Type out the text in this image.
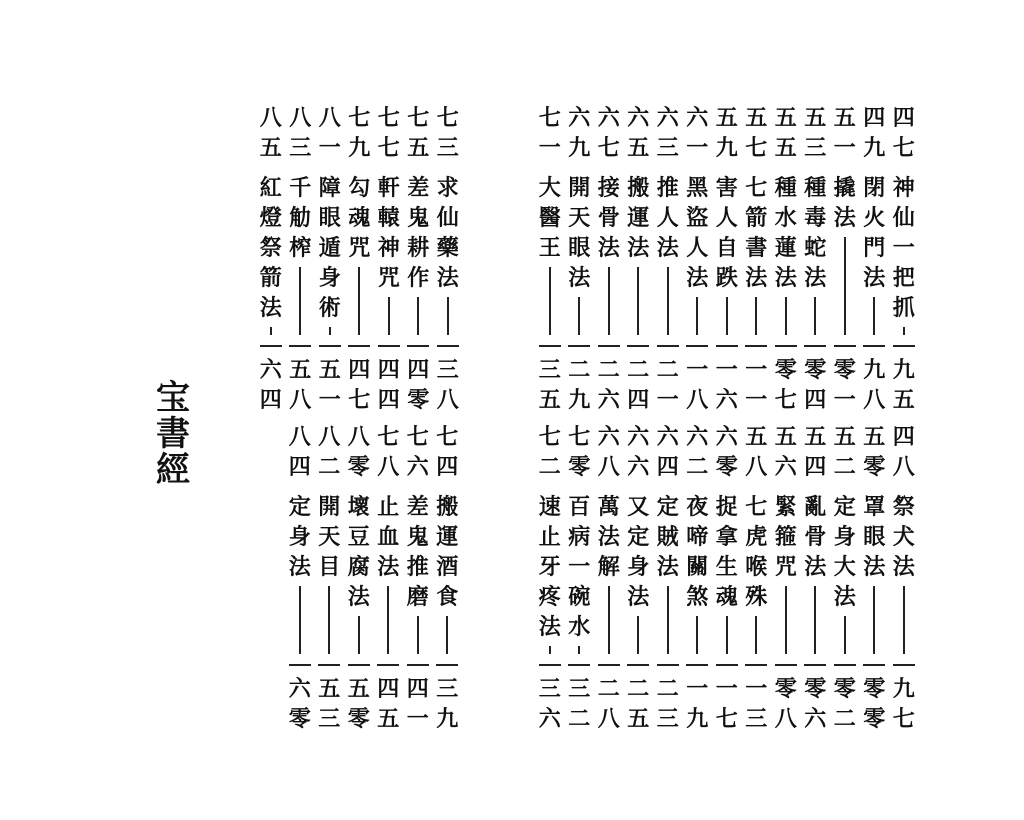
宝
書
經
四
七
神
仙
一
把
抓
九
五
四
九
閉
火
門
法
九
八
五
一
撬
法
零
一
五
三
種
毒
蛇
法
零
四
五
五
種
水
蓮
法
零
七
五
七
七
箭
書
法
一
一
五
九
害
人
自
跌
一
六
六
一
黑
盜
人
法
一
八
六
三
推
人
法
二
一
六
五
搬
運
法
二
四
六
七
接
骨
法
二
六
六
九
開
天
眼
法
二
九
七
一
大
醫
王
三
五
四
八
祭
犬
法
九
七
五
零
罩
眼
法
零
零
五
二
定
身
大
法
零
二
五
四
亂
骨
法
零
六
五
六
緊
箍
咒
零
八
五
八
七
虎
喉
殊
一
三
六
零
捉
拿
生
魂
一
七
六
二
夜
啼
關
煞
一
九
六
四
定
賊
法
二
三
六
六
又
定
身
法
二
五
六
八
萬
法
解
二
八
七
零
百
病
一
碗
水
三
二
七
二
速
止
牙
疼
法
三
六
七
三
求
仙
藥
法
三
八
七
五
差
鬼
耕
作
四
零
七
七
軒
轅
神
咒
四
四
七
九
勾
魂
咒
四
七
八
一
障
眼
遁
身
術
五
一
八
三
千
觔
榨
五
八
八
五
紅
燈
祭
箭
法
六
四
七
四
搬
運
酒
食
三
九
七
六
差
鬼
推
磨
四
一
七
八
止
血
法
四
五
八
零
壞
豆
腐
法
五
零
八
二
開
天
目
五
三
八
四
定
身
法
六
零
